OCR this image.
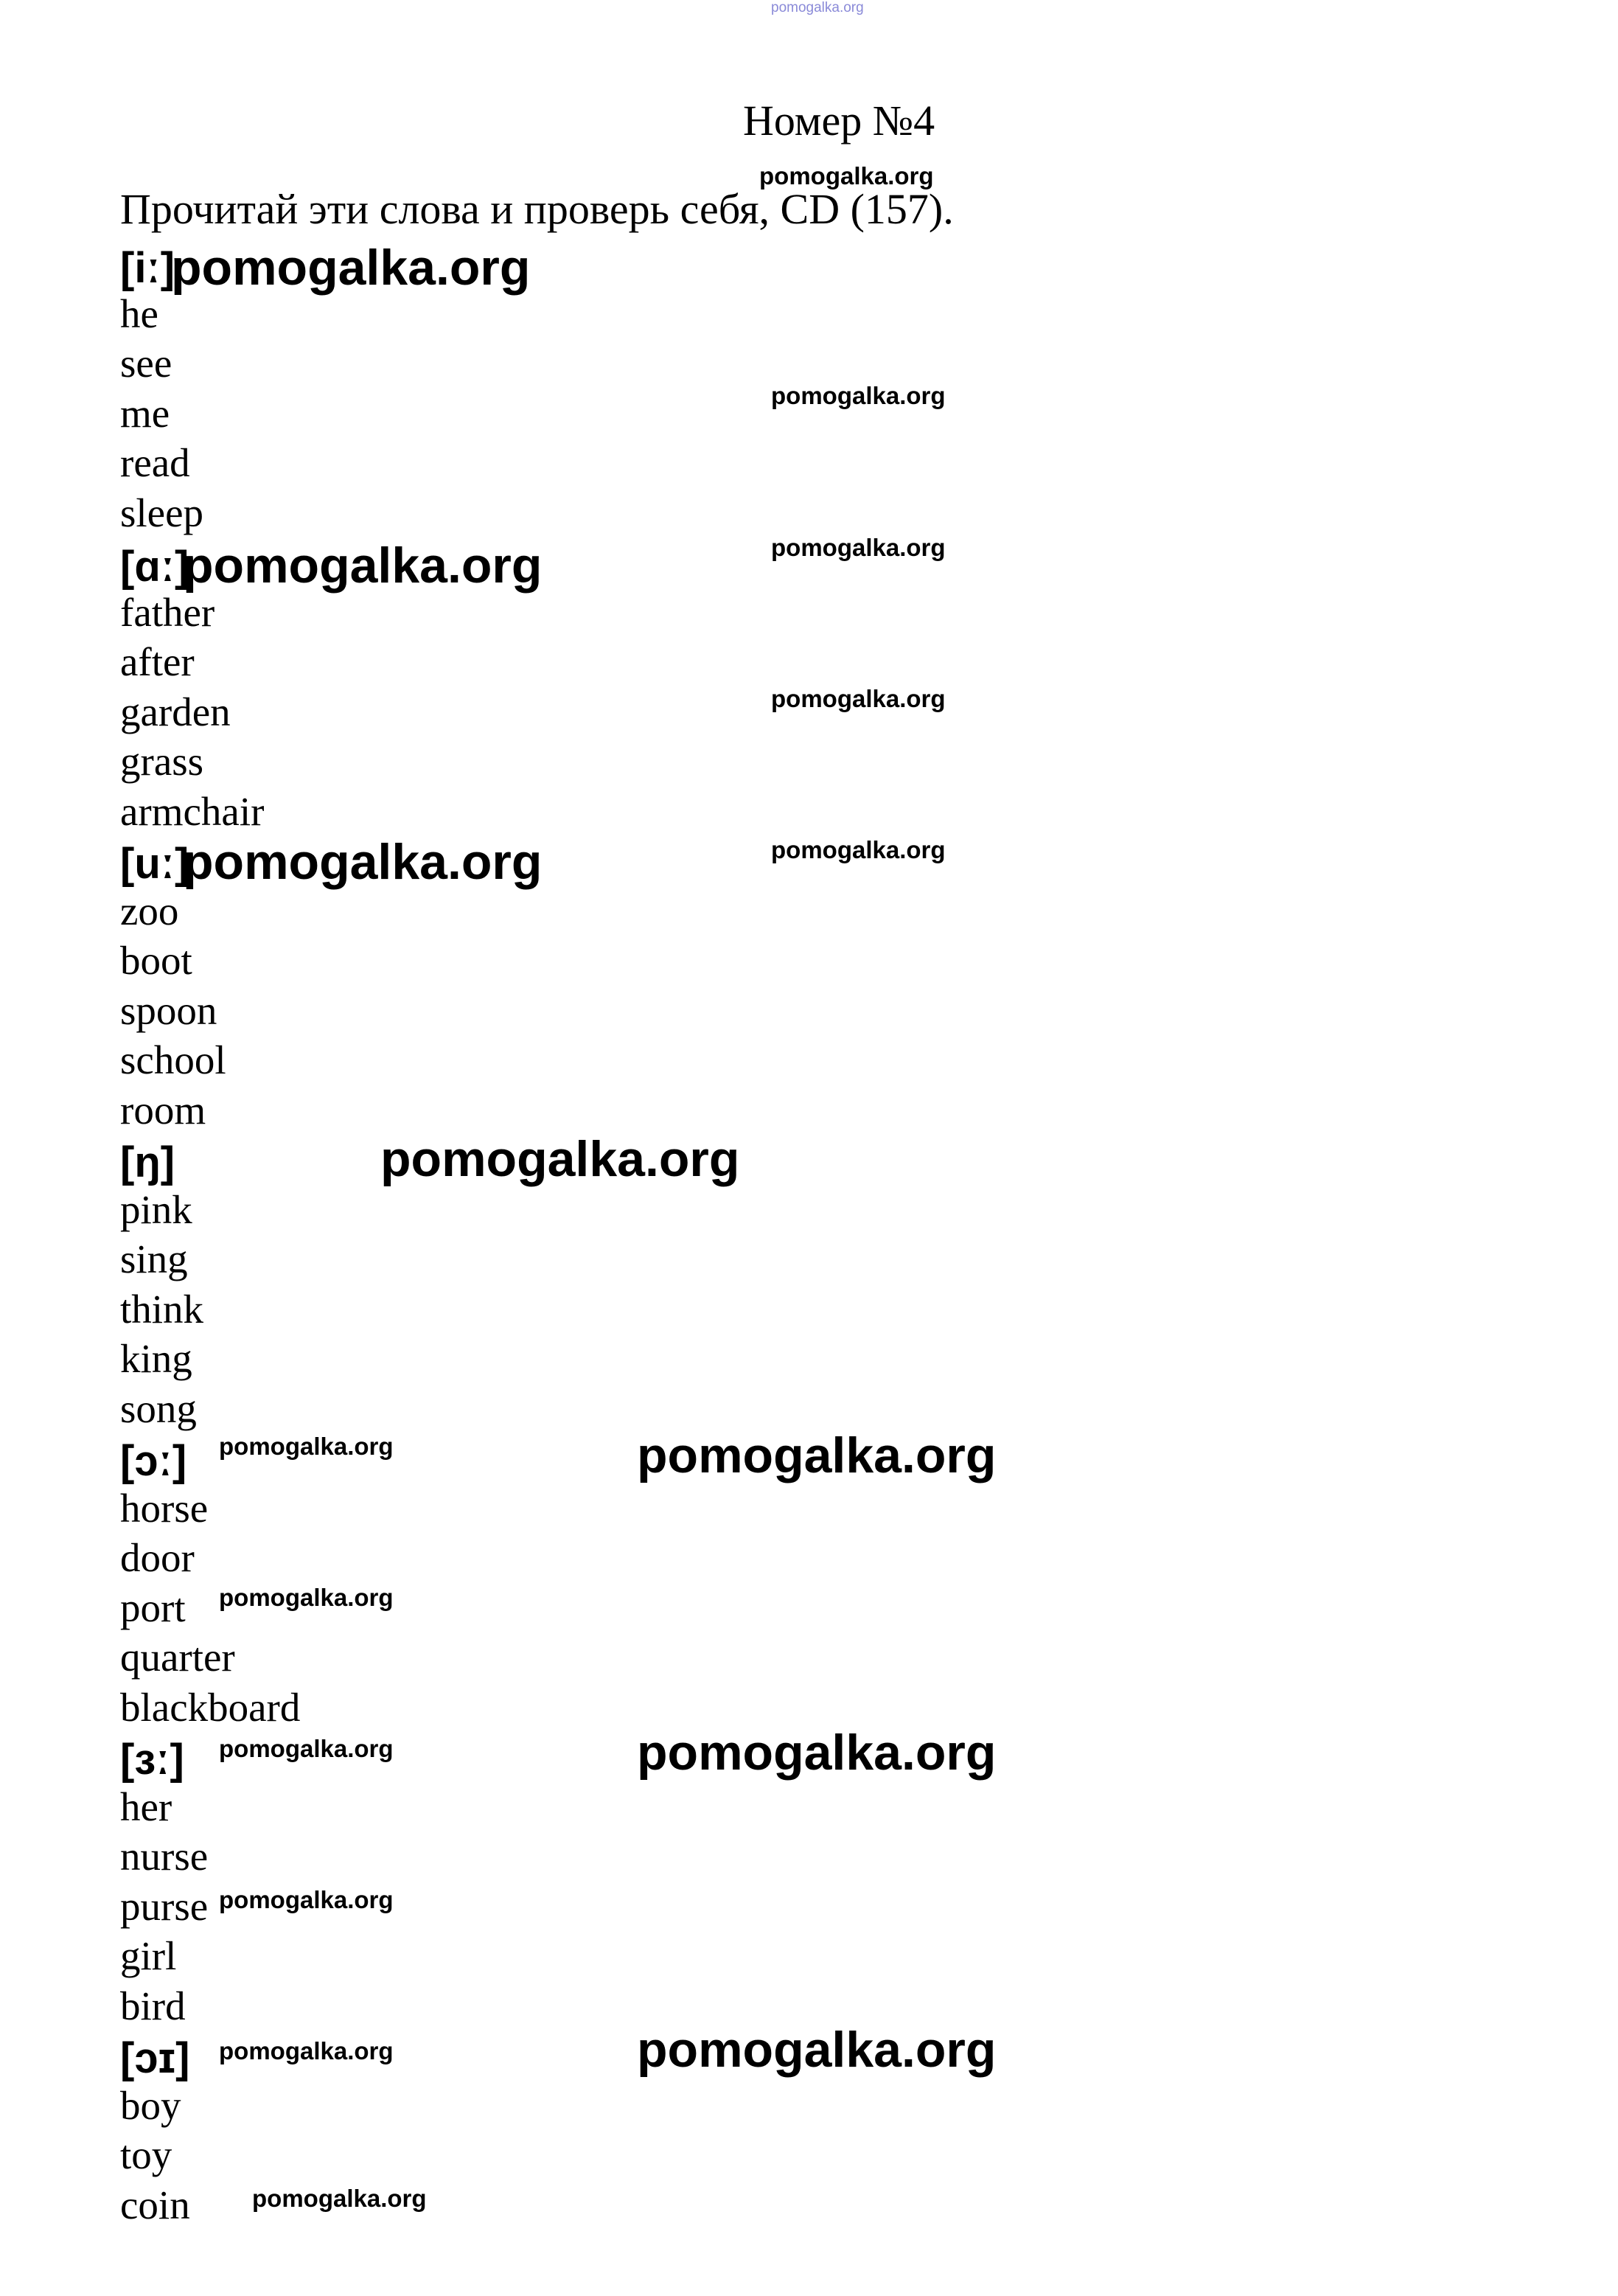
pomogalka.org
Номер №4
pomogalka.org
Прочитай эти слова и проверь себя, CD (157).
[iː]
pomogalka.org
he
see
me	pomogalka.org
read
sleep
[ɑː]
pomogalka.org	pomogalka.org
father
after
garden	pomogalka.org
grass
armchair
[uː]
pomogalka.org	pomogalka.org
zoo
boot
spoon
school
room
[ŋ]	pomogalka.org
pink
sing
think
king
song
[ɔː] pomogalka.org	pomogalka.org
horse
door
port pomogalka.org
quarter
blackboard
[ɜː] pomogalka.org	pomogalka.org
her
nurse
purse pomogalka.org
girl
bird
[ɔɪ] pomogalka.org	pomogalka.org
boy
toy
coin	pomogalka.org
